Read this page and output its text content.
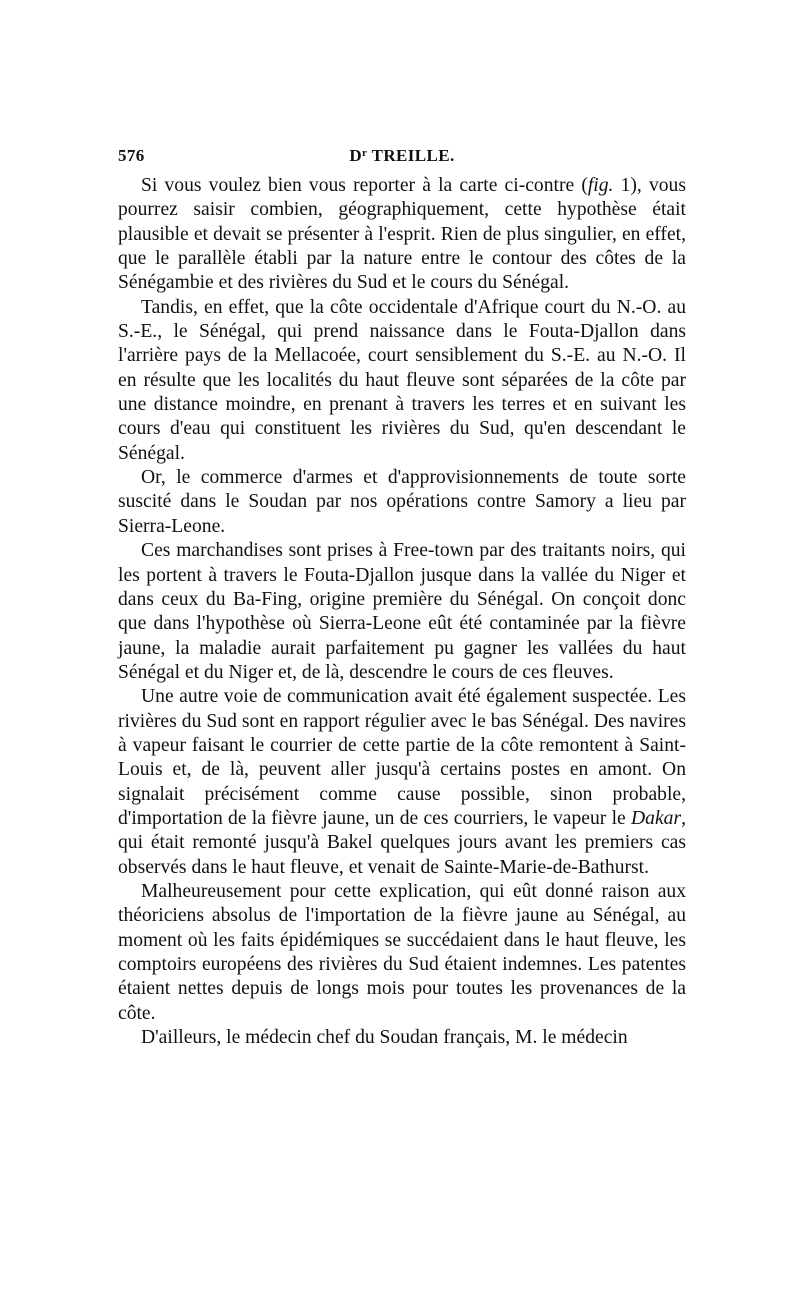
576	$D^r$ TREILLE.

Si vous voulez bien vous reporter à la carte ci-contre (fig. 1), vous pourrez saisir combien, géographiquement, cette hypothèse était plausible et devait se présenter à l'esprit. Rien de plus singulier, en effet, que le parallèle établi par la nature entre le contour des côtes de la Sénégambie et des rivières du Sud et le cours du Sénégal.

Tandis, en effet, que la côte occidentale d'Afrique court du N.-O. au S.-E., le Sénégal, qui prend naissance dans le Fouta-Djallon dans l'arrière pays de la Mellacoée, court sensiblement du S.-E. au N.-O. Il en résulte que les localités du haut fleuve sont séparées de la côte par une distance moindre, en prenant à travers les terres et en suivant les cours d'eau qui constituent les rivières du Sud, qu'en descendant le Sénégal.

Or, le commerce d'armes et d'approvisionnements de toute sorte suscité dans le Soudan par nos opérations contre Samory a lieu par Sierra-Leone.

Ces marchandises sont prises à Free-town par des traitants noirs, qui les portent à travers le Fouta-Djallon jusque dans la vallée du Niger et dans ceux du Ba-Fing, origine première du Sénégal. On conçoit donc que dans l'hypothèse où Sierra-Leone eût été contaminée par la fièvre jaune, la maladie aurait parfaitement pu gagner les vallées du haut Sénégal et du Niger et, de là, descendre le cours de ces fleuves.

Une autre voie de communication avait été également suspectée. Les rivières du Sud sont en rapport régulier avec le bas Sénégal. Des navires à vapeur faisant le courrier de cette partie de la côte remontent à Saint-Louis et, de là, peuvent aller jusqu'à certains postes en amont. On signalait précisément comme cause possible, sinon probable, d'importation de la fièvre jaune, un de ces courriers, le vapeur le Dakar, qui était remonté jusqu'à Bakel quelques jours avant les premiers cas observés dans le haut fleuve, et venait de Sainte-Marie-de-Bathurst.

Malheureusement pour cette explication, qui eût donné raison aux théoriciens absolus de l'importation de la fièvre jaune au Sénégal, au moment où les faits épidémiques se succédaient dans le haut fleuve, les comptoirs européens des rivières du Sud étaient indemnes. Les patentes étaient nettes depuis de longs mois pour toutes les provenances de la côte.

D'ailleurs, le médecin chef du Soudan français, M. le médecin
